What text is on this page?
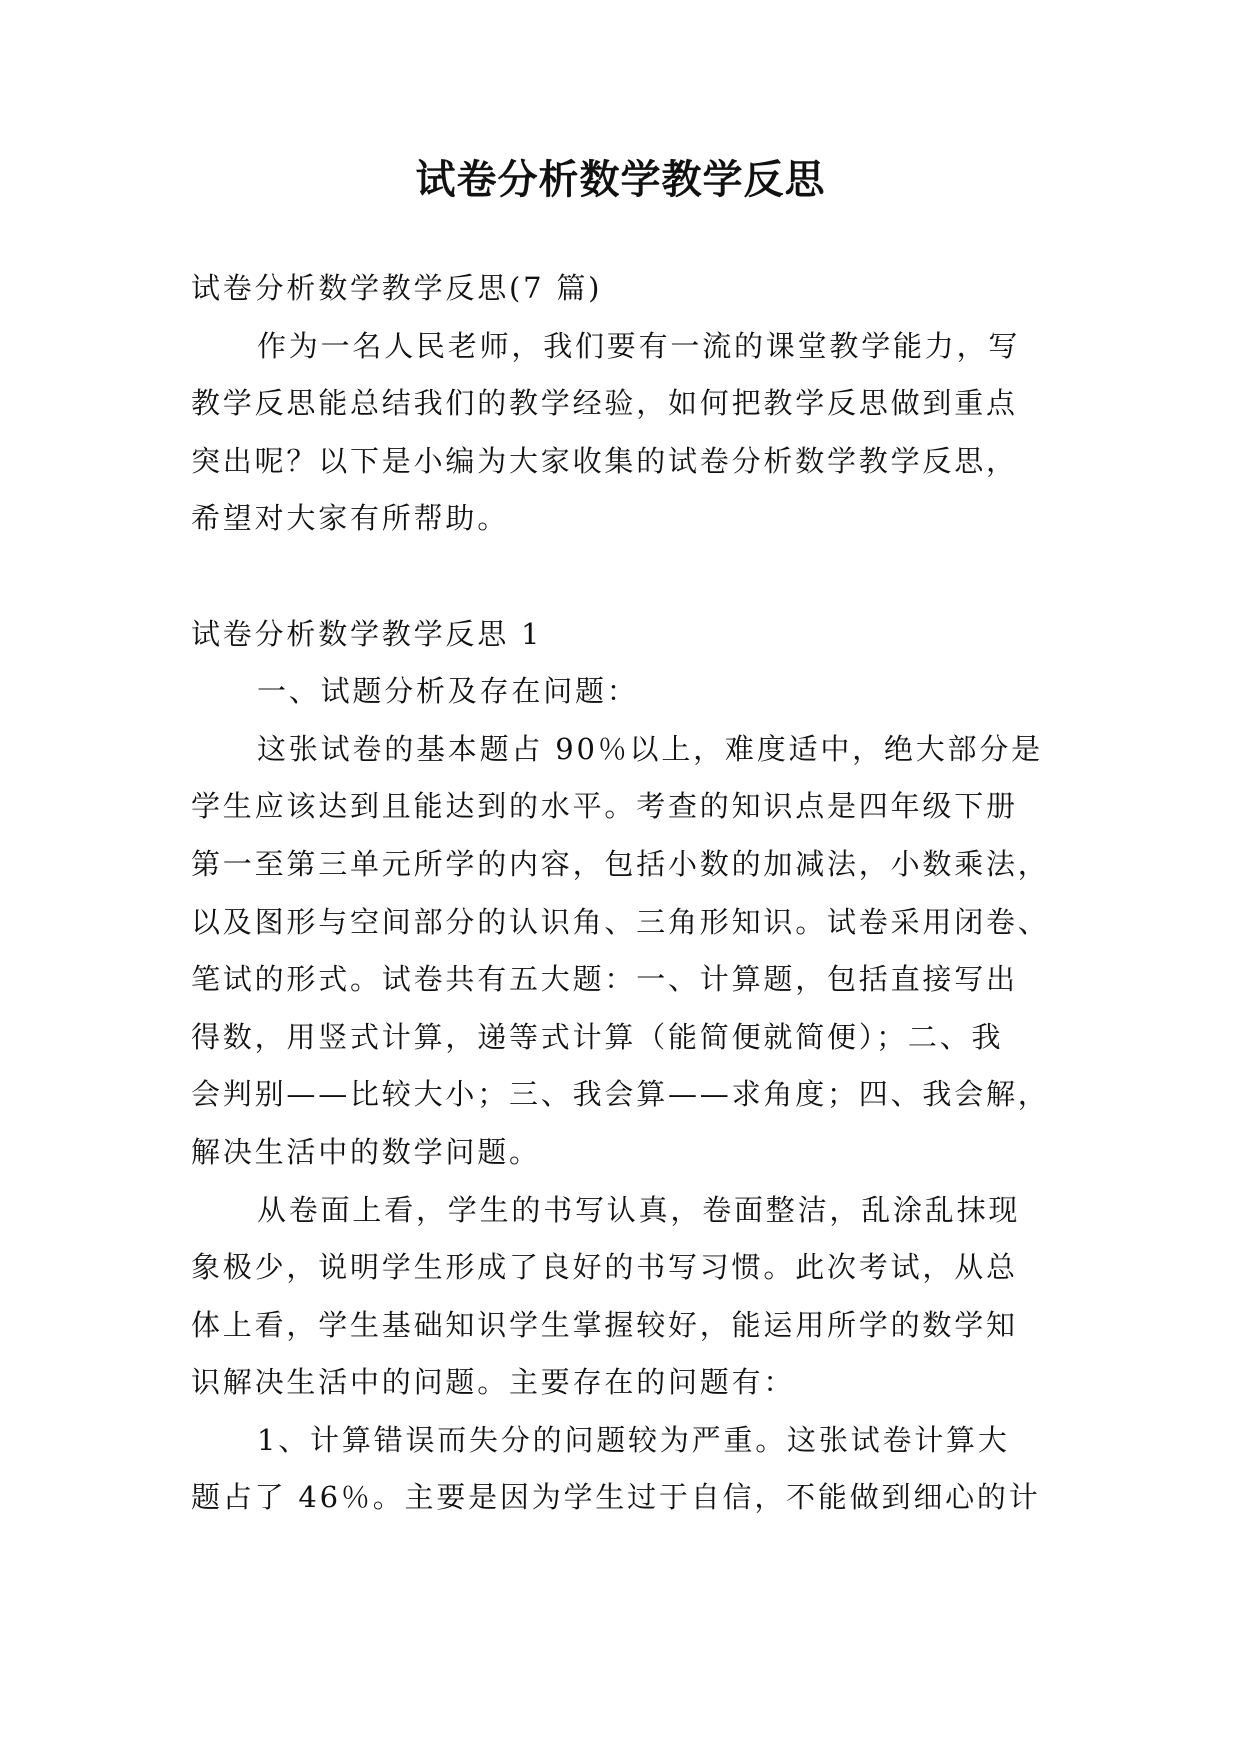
试卷分析数学教学反思
试卷分析数学教学反思(7 篇)
作为一名人民老师，我们要有一流的课堂教学能力，写
教学反思能总结我们的教学经验，如何把教学反思做到重点
突出呢？以下是小编为大家收集的试卷分析数学教学反思，
希望对大家有所帮助。
试卷分析数学教学反思 1
一、试题分析及存在问题：
这张试卷的基本题占 90％以上，难度适中，绝大部分是
学生应该达到且能达到的水平。考查的知识点是四年级下册
第一至第三单元所学的内容，包括小数的加减法，小数乘法，
以及图形与空间部分的认识角、三角形知识。试卷采用闭卷、
笔试的形式。试卷共有五大题：一、计算题，包括直接写出
得数，用竖式计算，递等式计算（能简便就简便）；二、我
会判别——比较大小；三、我会算——求角度；四、我会解，
解决生活中的数学问题。
从卷面上看，学生的书写认真，卷面整洁，乱涂乱抹现
象极少，说明学生形成了良好的书写习惯。此次考试，从总
体上看，学生基础知识学生掌握较好，能运用所学的数学知
识解决生活中的问题。主要存在的问题有：
1、计算错误而失分的问题较为严重。这张试卷计算大
题占了 46％。主要是因为学生过于自信，不能做到细心的计
